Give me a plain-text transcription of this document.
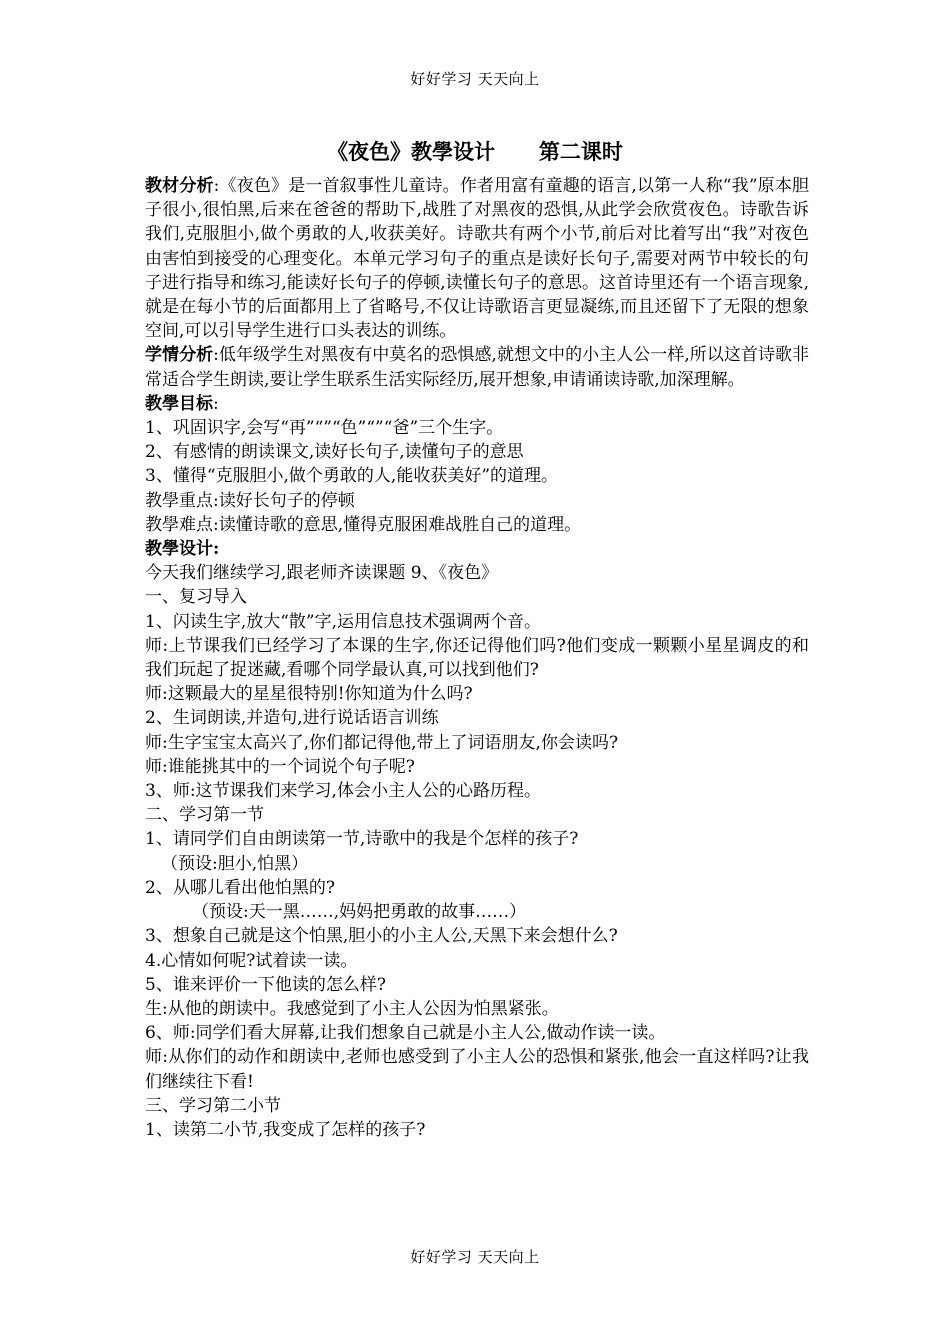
好好学习 天天向上
《夜色》教學设计      第二课时

教材分析:《夜色》是一首叙事性儿童诗。作者用富有童趣的语言,以第一人称“我”原本胆子很小,很怕黑,后来在爸爸的帮助下,战胜了对黑夜的恐惧,从此学会欣赏夜色。诗歌告诉我们,克服胆小,做个勇敢的人,收获美好。诗歌共有两个小节,前后对比着写出“我”对夜色由害怕到接受的心理变化。本单元学习句子的重点是读好长句子,需要对两节中较长的句子进行指导和练习,能读好长句子的停顿,读懂长句子的意思。这首诗里还有一个语言现象,就是在每小节的后面都用上了省略号,不仅让诗歌语言更显凝练,而且还留下了无限的想象空间,可以引导学生进行口头表达的训练。

学情分析:低年级学生对黑夜有中莫名的恐惧感,就想文中的小主人公一样,所以这首诗歌非常适合学生朗读,要让学生联系生活实际经历,展开想象,申请诵读诗歌,加深理解。

教學目标:

1、巩固识字,会写“再”“”“色”“”“爸”三个生字。

2、有感情的朗读课文,读好长句子,读懂句子的意思

3、懂得“克服胆小,做个勇敢的人,能收获美好”的道理。

教學重点:读好长句子的停顿

教學难点:读懂诗歌的意思,懂得克服困难战胜自己的道理。

教學设计:

今天我们继续学习,跟老师齐读课题 9、《夜色》

一、复习导入

1、闪读生字,放大“散”字,运用信息技术强调两个音。

师:上节课我们已经学习了本课的生字,你还记得他们吗?他们变成一颗颗小星星调皮的和我们玩起了捉迷藏,看哪个同学最认真,可以找到他们?

师:这颗最大的星星很特别!你知道为什么吗?

2、生词朗读,并造句,进行说话语言训练

师:生字宝宝太高兴了,你们都记得他,带上了词语朋友,你会读吗?

师:谁能挑其中的一个词说个句子呢?

3、师:这节课我们来学习,体会小主人公的心路历程。

二、学习第一节

1、请同学们自由朗读第一节,诗歌中的我是个怎样的孩子?

（预设:胆小,怕黑）

2、从哪儿看出他怕黑的?

（预设:天一黑……,妈妈把勇敢的故事……）

3、想象自己就是这个怕黑,胆小的小主人公,天黑下来会想什么?

4.心情如何呢?试着读一读。

5、谁来评价一下他读的怎么样?

生:从他的朗读中。我感觉到了小主人公因为怕黑紧张。

6、师:同学们看大屏幕,让我们想象自己就是小主人公,做动作读一读。

师:从你们的动作和朗读中,老师也感受到了小主人公的恐惧和紧张,他会一直这样吗?让我们继续往下看!

三、学习第二小节

1、读第二小节,我变成了怎样的孩子?

好好学习 天天向上
